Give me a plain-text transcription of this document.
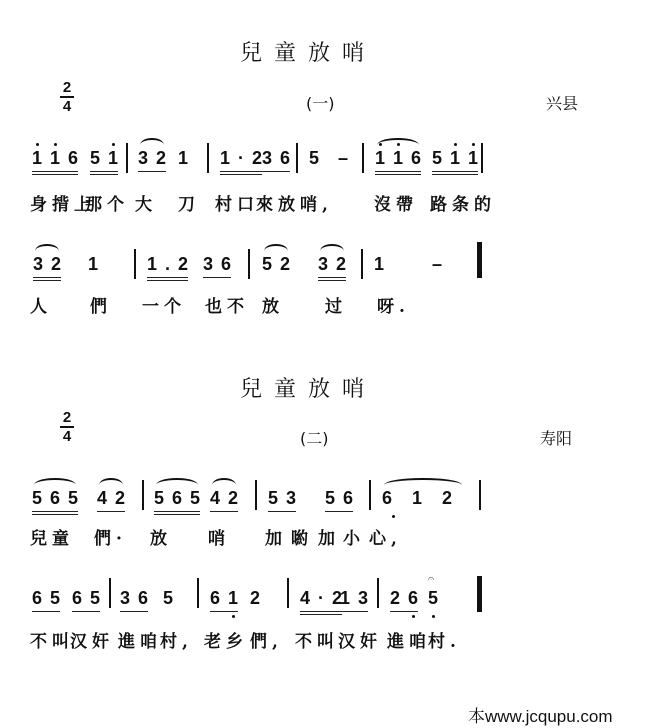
兒童放哨
2
4	(一)	兴县
1 1 6 5 1 3 2 1 1 · 2 3 6 5 – 1 1 6 5 1 1
身揹上
那个 大 刀 村口
來放 哨, 沒帶 路条的
3 2 1	1 . 2 3 6 5 2 3 2 1	–
人 們 一个 也不 放 过 呀.
兒童放哨
2
4	(二)	寿阳
5 6 5 4 2 5 6 5 4 2 5 3 5 6 6 1 2
兒童 們· 放 哨 加 喲 加 小 心,
6 5 6 5 3 6 5 6 1 2 4 · 2
1 3 2 6 5
𝄐
不叫
汉奸 進咱
村, 老乡 們, 不叫 汉奸 進咱
村.
本www.jcqupu.com
